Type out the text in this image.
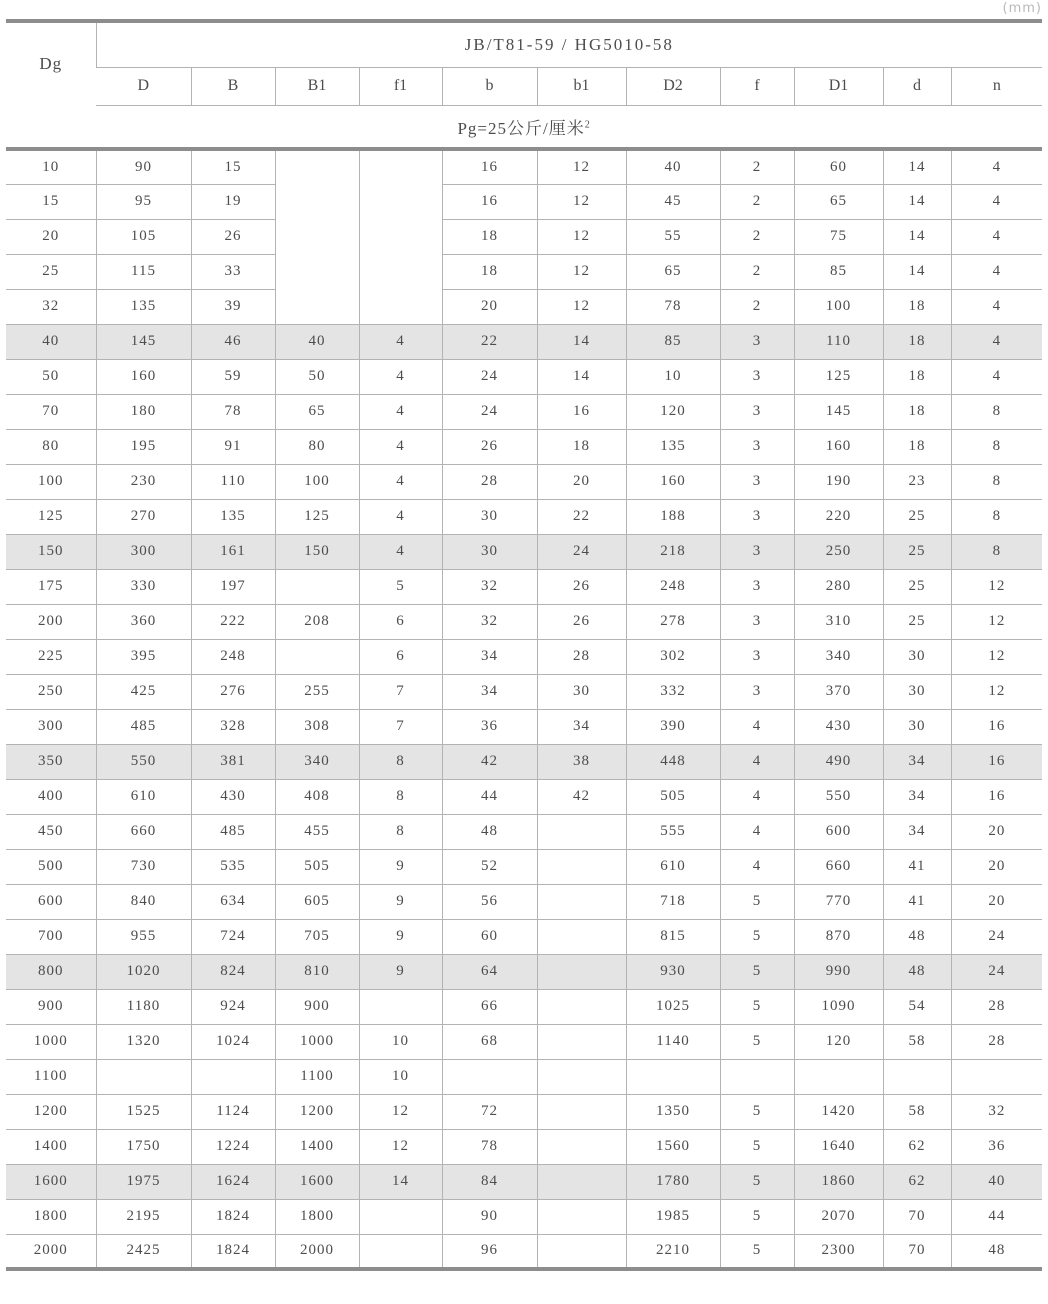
(mm)
Dg	JB/T81-59 / HG5010-58										
	D	B	B1	f1	b	b1	D2	f	D1	d	n
Pg=25公斤/厘米$^2$
10	90	15			16	12	40	2	60	14	4
15	95	19			16	12	45	2	65	14	4
20	105	26			18	12	55	2	75	14	4
25	115	33			18	12	65	2	85	14	4
32	135	39			20	12	78	2	100	18	4
40	145	46	40	4	22	14	85	3	110	18	4
50	160	59	50	4	24	14	10	3	125	18	4
70	180	78	65	4	24	16	120	3	145	18	8
80	195	91	80	4	26	18	135	3	160	18	8
100	230	110	100	4	28	20	160	3	190	23	8
125	270	135	125	4	30	22	188	3	220	25	8
150	300	161	150	4	30	24	218	3	250	25	8
175	330	197		5	32	26	248	3	280	25	12
200	360	222	208	6	32	26	278	3	310	25	12
225	395	248		6	34	28	302	3	340	30	12
250	425	276	255	7	34	30	332	3	370	30	12
300	485	328	308	7	36	34	390	4	430	30	16
350	550	381	340	8	42	38	448	4	490	34	16
400	610	430	408	8	44	42	505	4	550	34	16
450	660	485	455	8	48		555	4	600	34	20
500	730	535	505	9	52		610	4	660	41	20
600	840	634	605	9	56		718	5	770	41	20
700	955	724	705	9	60		815	5	870	48	24
800	1020	824	810	9	64		930	5	990	48	24
900	1180	924	900		66		1025	5	1090	54	28
1000	1320	1024	1000	10	68		1140	5	120	58	28
1100			1100	10							
1200	1525	1124	1200	12	72		1350	5	1420	58	32
1400	1750	1224	1400	12	78		1560	5	1640	62	36
1600	1975	1624	1600	14	84		1780	5	1860	62	40
1800	2195	1824	1800		90		1985	5	2070	70	44
2000	2425	1824	2000		96		2210	5	2300	70	48
